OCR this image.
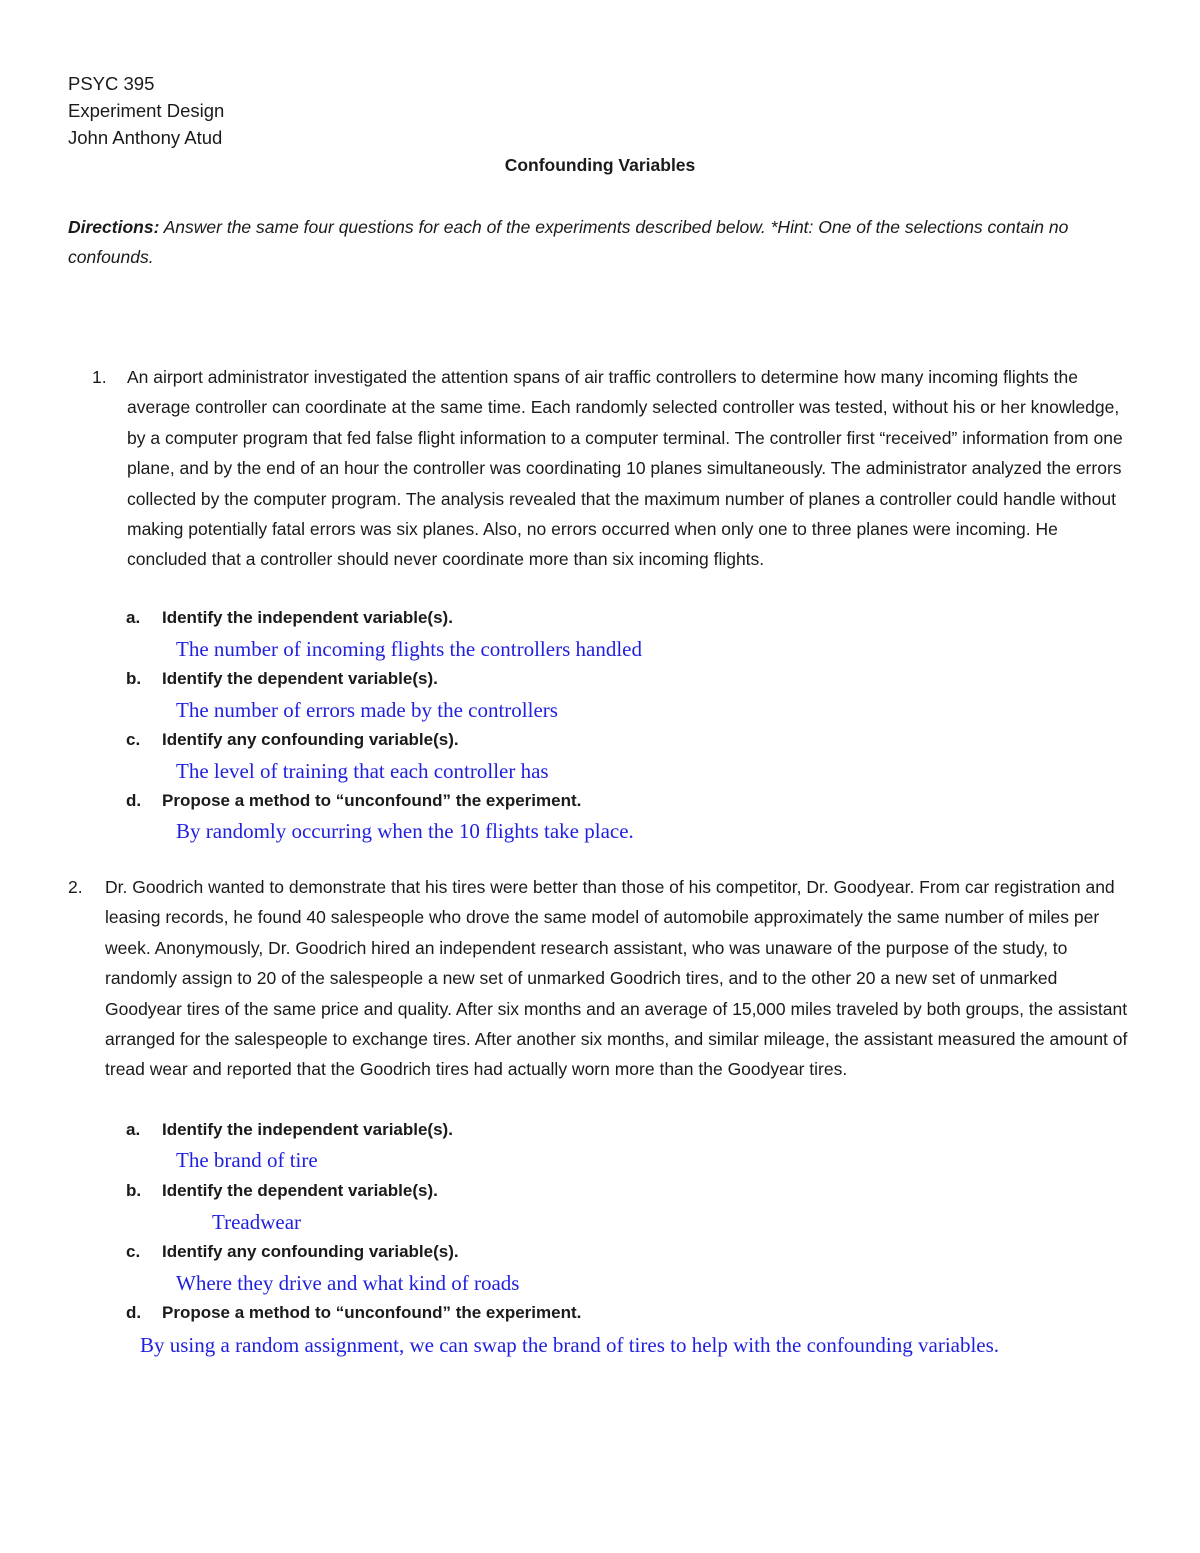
PSYC 395
Experiment Design
John Anthony Atud
Confounding Variables
Directions: Answer the same four questions for each of the experiments described below. *Hint: One of the selections contain no confounds.
1. An airport administrator investigated the attention spans of air traffic controllers to determine how many incoming flights the average controller can coordinate at the same time. Each randomly selected controller was tested, without his or her knowledge, by a computer program that fed false flight information to a computer terminal. The controller first “received” information from one plane, and by the end of an hour the controller was coordinating 10 planes simultaneously. The administrator analyzed the errors collected by the computer program. The analysis revealed that the maximum number of planes a controller could handle without making potentially fatal errors was six planes. Also, no errors occurred when only one to three planes were incoming. He concluded that a controller should never coordinate more than six incoming flights.
a. Identify the independent variable(s).
The number of incoming flights the controllers handled
b. Identify the dependent variable(s).
The number of errors made by the controllers
c. Identify any confounding variable(s).
The level of training that each controller has
d. Propose a method to “unconfound” the experiment.
By randomly occurring when the 10 flights take place.
2. Dr. Goodrich wanted to demonstrate that his tires were better than those of his competitor, Dr. Goodyear. From car registration and leasing records, he found 40 salespeople who drove the same model of automobile approximately the same number of miles per week. Anonymously, Dr. Goodrich hired an independent research assistant, who was unaware of the purpose of the study, to randomly assign to 20 of the salespeople a new set of unmarked Goodrich tires, and to the other 20 a new set of unmarked Goodyear tires of the same price and quality. After six months and an average of 15,000 miles traveled by both groups, the assistant arranged for the salespeople to exchange tires. After another six months, and similar mileage, the assistant measured the amount of tread wear and reported that the Goodrich tires had actually worn more than the Goodyear tires.
a. Identify the independent variable(s).
The brand of tire
b. Identify the dependent variable(s).
Treadwear
c. Identify any confounding variable(s).
Where they drive and what kind of roads
d. Propose a method to “unconfound” the experiment.
By using a random assignment, we can swap the brand of tires to help with the confounding variables.
